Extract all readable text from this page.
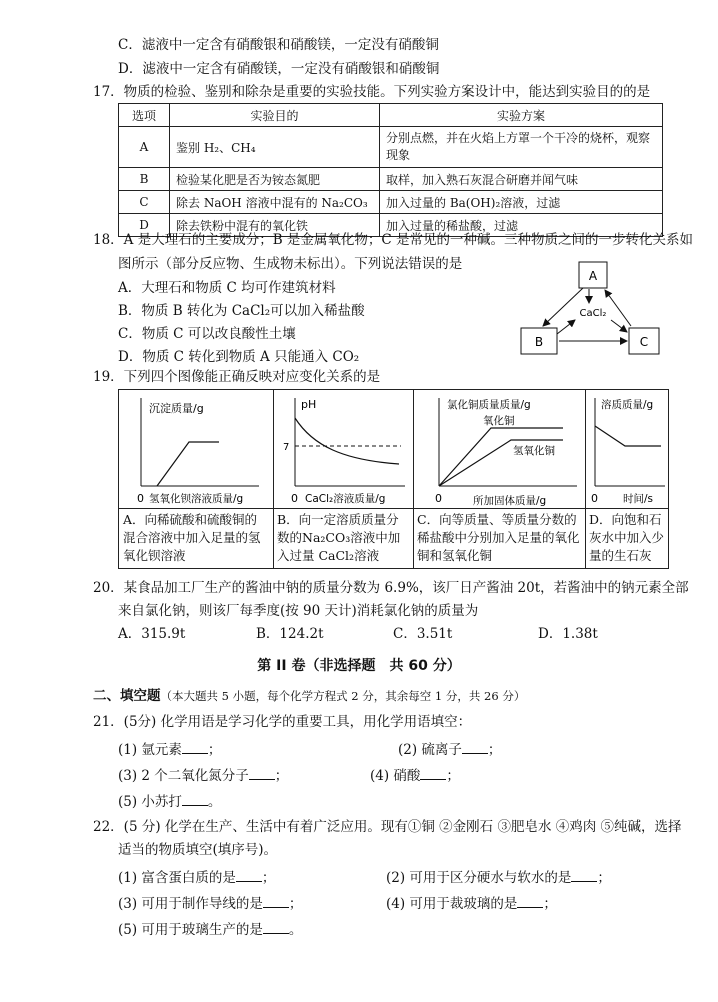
C．滤液中一定含有硝酸银和硝酸镁，一定没有硝酸铜
D．滤液中一定含有硝酸镁，一定没有硝酸银和硝酸铜
17．物质的检验、鉴别和除杂是重要的实验技能。下列实验方案设计中，能达到实验目的的是
选项	实验目的	实验方案
A	鉴别 H₂、CH₄	分别点燃，并在火焰上方罩一个干冷的烧杯，观察现象
B	检验某化肥是否为铵态氮肥	取样，加入熟石灰混合研磨并闻气味
C	除去 NaOH 溶液中混有的 Na₂CO₃	加入过量的 Ba(OH)₂溶液，过滤
D	除去铁粉中混有的氧化铁	加入过量的稀盐酸，过滤
18．A 是大理石的主要成分；B 是金属氧化物；C 是常见的一种碱。三种物质之间的一步转化关系如
图所示（部分反应物、生成物未标出）。下列说法错误的是
A．大理石和物质 C 均可作建筑材料
B．物质 B 转化为 CaCl₂可以加入稀盐酸
C．物质 C 可以改良酸性土壤
D．物质 C 转化到物质 A 只能通入 CO₂
A
B	C
CaCl₂
19．下列四个图像能正确反映对应变化关系的是
沉淀质量/g
0 氢氧化钡溶液质量/g
A．向稀硫酸和硫酸铜的混合溶液中加入足量的氢氧化钡溶液
pH
7
0 CaCl₂溶液质量/g
B．向一定溶质质量分数的Na₂CO₃溶液中加入过量 CaCl₂溶液
氯化铜质量质量/g
氧化铜
氢氧化铜
0	所加固体质量/g
C．向等质量、等质量分数的稀盐酸中分别加入足量的氧化铜和氢氧化铜
溶质质量/g
0 时间/s
D．向饱和石灰水中加入少量的生石灰
20．某食品加工厂生产的酱油中钠的质量分数为 6.9%，该厂日产酱油 20t，若酱油中的钠元素全部
来自氯化钠，则该厂每季度(按 90 天计)消耗氯化钠的质量为
A．315.9t	B．124.2t	C．3.51t	D．1.38t
第 II 卷（非选择题　共 60 分）
二、填空题（本大题共 5 小题，每个化学方程式 2 分，其余每空 1 分，共 26 分）
21．(5分) 化学用语是学习化学的重要工具，用化学用语填空：
(1) 氩元素 ；	(2) 硫离子 ；
(3) 2 个二氧化氮分子 ；	(4) 硝酸 ；
(5) 小苏打 。
22．(5 分) 化学在生产、生活中有着广泛应用。现有①铜 ②金刚石 ③肥皂水 ④鸡肉 ⑤纯碱，选择
适当的物质填空(填序号)。
(1) 富含蛋白质的是 ；	(2) 可用于区分硬水与软水的是 ；
(3) 可用于制作导线的是 ；	(4) 可用于裁玻璃的是 ；
(5) 可用于玻璃生产的是 。
